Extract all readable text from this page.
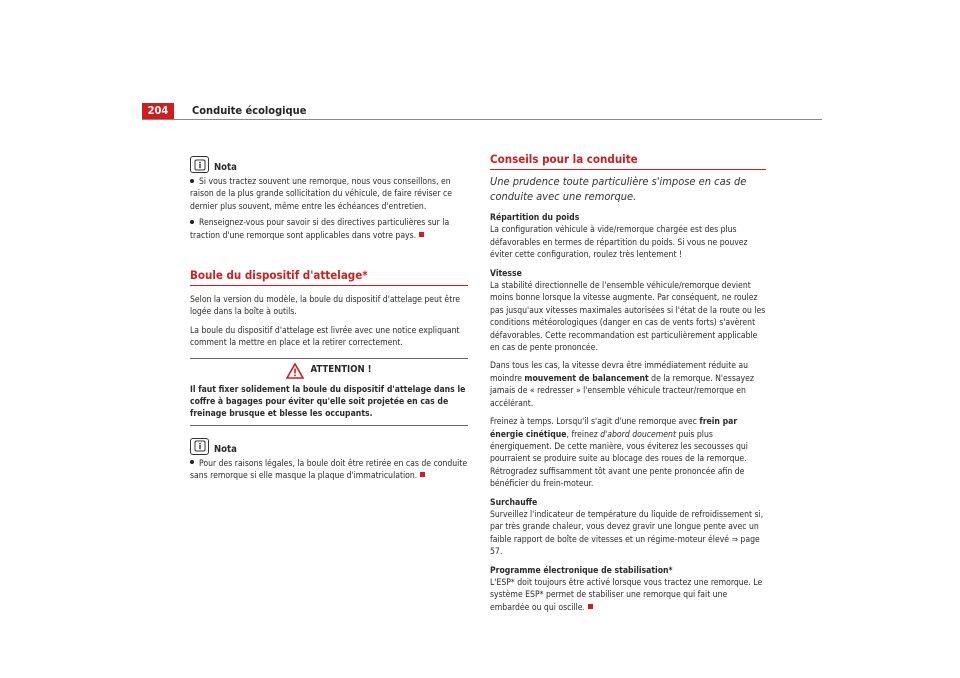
204	Conduite écologique
Nota

Si vous tractez souvent une remorque, nous vous conseillons, en raison de la plus grande sollicitation du véhicule, de faire réviser ce dernier plus souvent, même entre les échéances d'entretien.

Renseignez-vous pour savoir si des directives particulières sur la traction d'une remorque sont applicables dans votre pays.

Boule du dispositif d'attelage*

Selon la version du modèle, la boule du dispositif d'attelage peut être logée dans la boîte à outils.

La boule du dispositif d'attelage est livrée avec une notice expliquant comment la mettre en place et la retirer correctement.

ATTENTION !
Il faut fixer solidement la boule du dispositif d'attelage dans le coffre à bagages pour éviter qu'elle soit projetée en cas de freinage brusque et blesse les occupants.
Nota

Pour des raisons légales, la boule doit être retirée en cas de conduite sans remorque si elle masque la plaque d'immatriculation.

Conseils pour la conduite
Une prudence toute particulière s'impose en cas de conduite avec une remorque.

Répartition du poids
La configuration véhicule à vide/remorque chargée est des plus défavorables en termes de répartition du poids. Si vous ne pouvez éviter cette configuration, roulez très lentement !

Vitesse
La stabilité directionnelle de l'ensemble véhicule/remorque devient moins bonne lorsque la vitesse augmente. Par conséquent, ne roulez pas jusqu'aux vitesses maximales autorisées si l'état de la route ou les conditions météorologiques (danger en cas de vents forts) s'avèrent défavorables. Cette recommandation est particulièrement applicable en cas de pente prononcée.

Dans tous les cas, la vitesse devra être immédiatement réduite au moindre mouvement de balancement de la remorque. N'essayez jamais de « redresser » l'ensemble véhicule tracteur/remorque en accélérant.

Freinez à temps. Lorsqu'il s'agit d'une remorque avec frein par énergie cinétique, freinez d'abord doucement puis plus énergiquement. De cette manière, vous éviterez les secousses qui pourraient se produire suite au blocage des roues de la remorque. Rétrogradez suffisamment tôt avant une pente prononcée afin de bénéficier du frein-moteur.

Surchauffe
Surveillez l'indicateur de température du liquide de refroidissement si, par très grande chaleur, vous devez gravir une longue pente avec un faible rapport de boîte de vitesses et un régime-moteur élevé ⇒ page 57.

Programme électronique de stabilisation*
L'ESP* doit toujours être activé lorsque vous tractez une remorque. Le système ESP* permet de stabiliser une remorque qui fait une embardée ou qui oscille.
